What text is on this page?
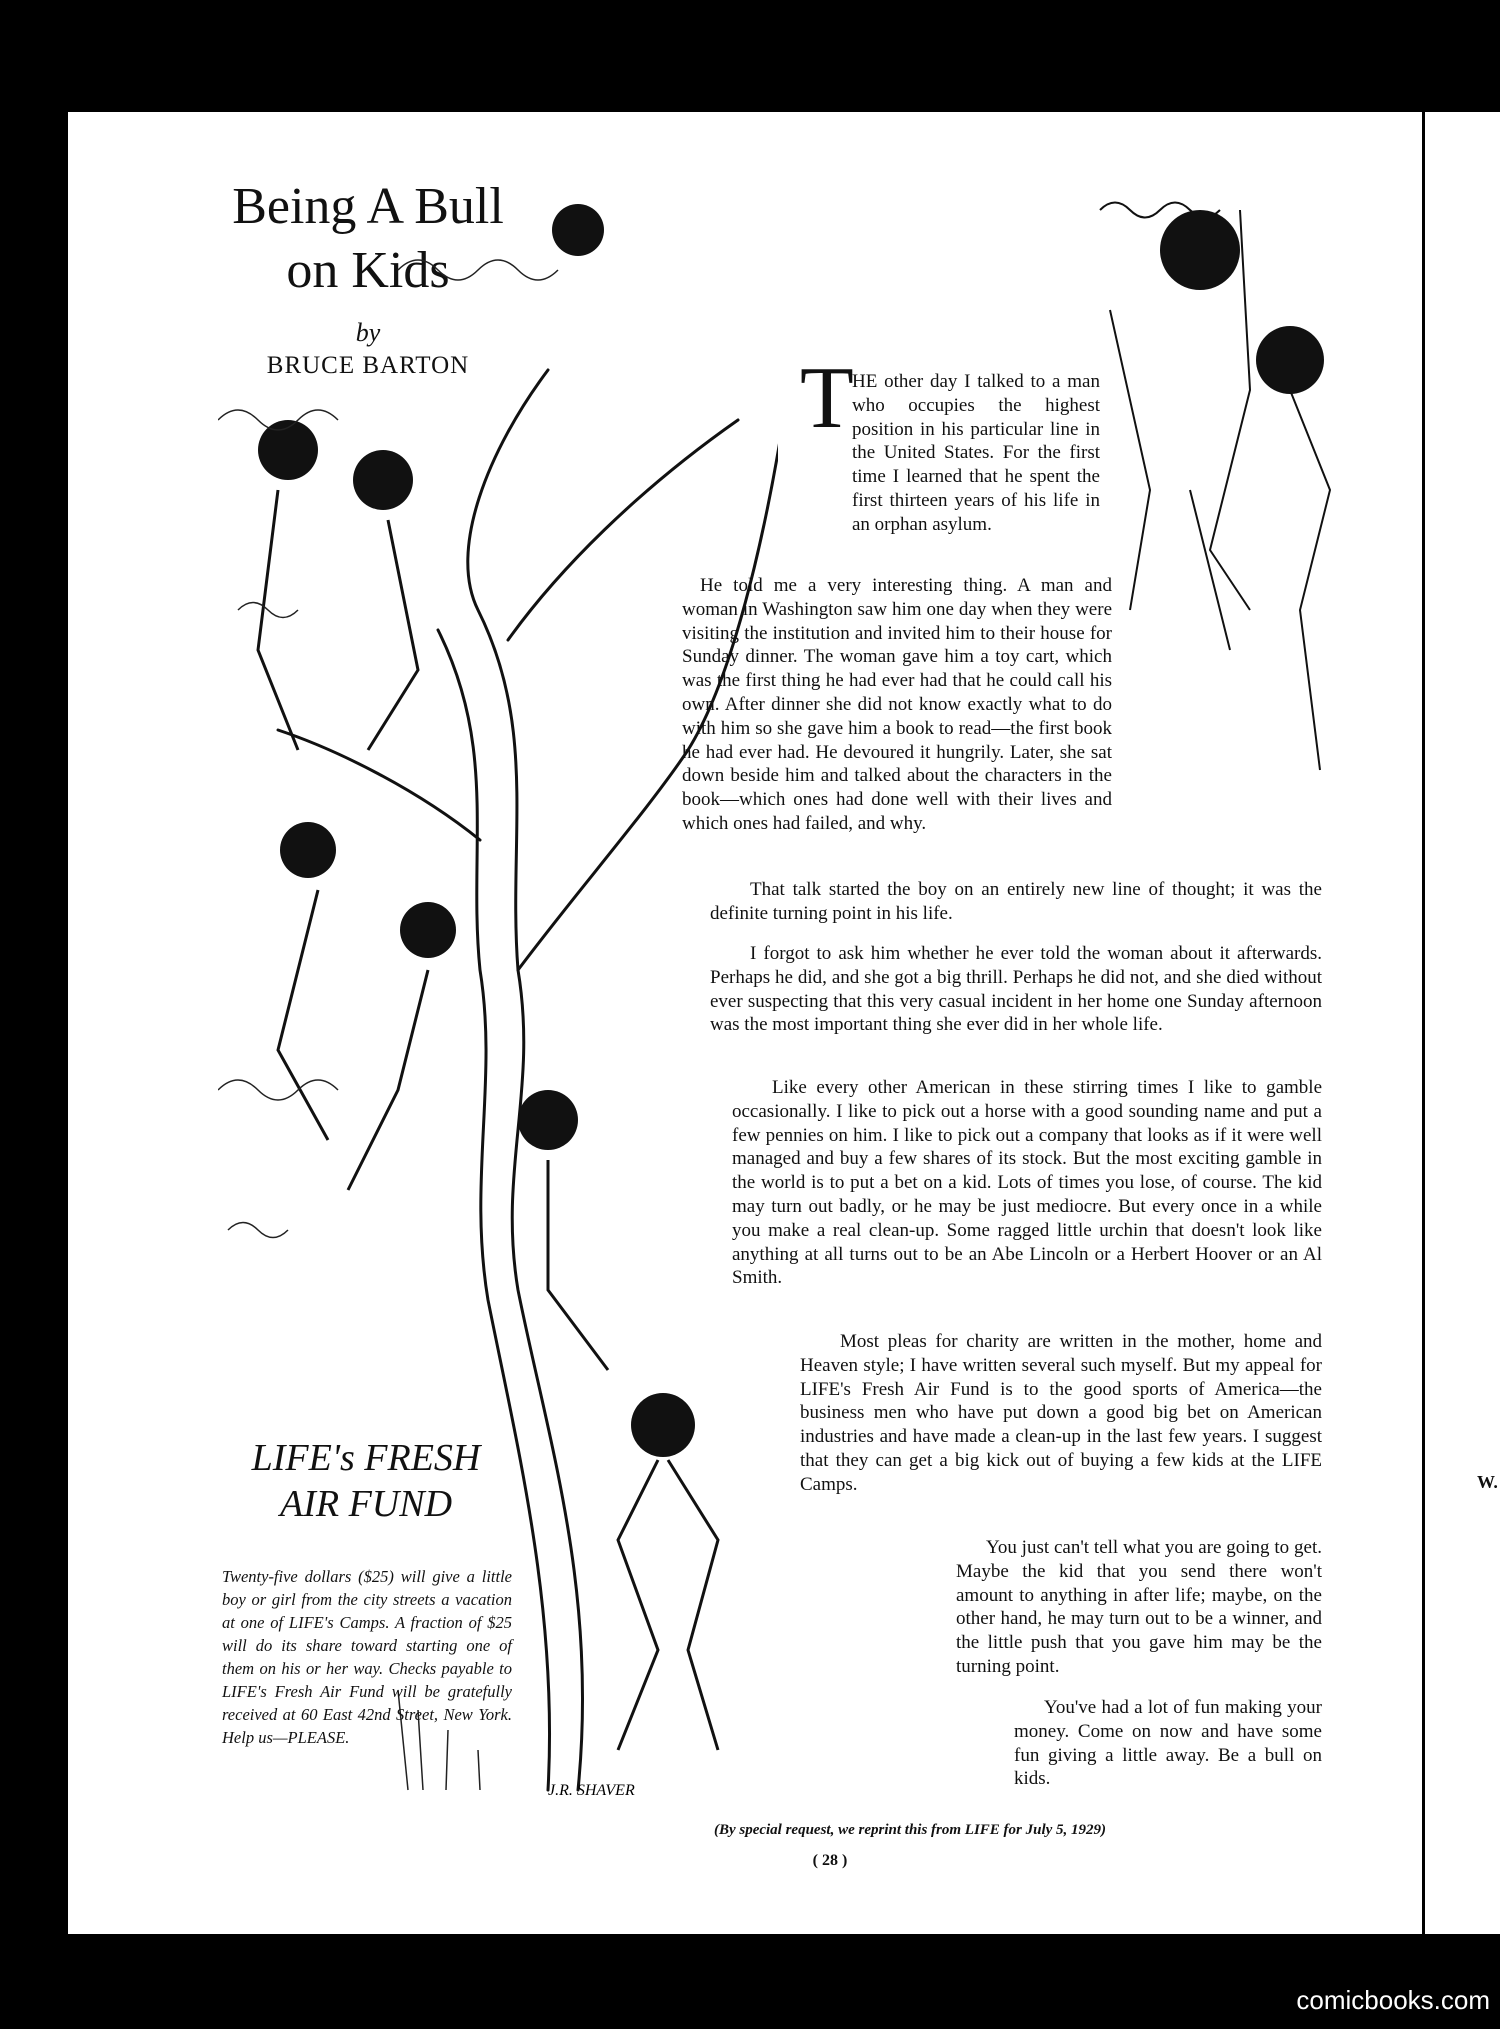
W.
Being A Bull
on Kids
by
BRUCE BARTON
J.R. SHAVER
T

HE other day I talked to a man who occupies the highest position in his particular line in the United States. For the first time I learned that he spent the first thirteen years of his life in an orphan asylum.

He told me a very interesting thing. A man and woman in Washington saw him one day when they were visiting the institution and invited him to their house for Sunday dinner. The woman gave him a toy cart, which was the first thing he had ever had that he could call his own. After dinner she did not know exactly what to do with him so she gave him a book to read—the first book he had ever had. He devoured it hungrily. Later, she sat down beside him and talked about the characters in the book—which ones had done well with their lives and which ones had failed, and why.

That talk started the boy on an entirely new line of thought; it was the definite turning point in his life.

I forgot to ask him whether he ever told the woman about it afterwards. Perhaps he did, and she got a big thrill. Perhaps he did not, and she died without ever suspecting that this very casual incident in her home one Sunday afternoon was the most important thing she ever did in her whole life.

Like every other American in these stirring times I like to gamble occasionally. I like to pick out a horse with a good sounding name and put a few pennies on him. I like to pick out a company that looks as if it were well managed and buy a few shares of its stock. But the most exciting gamble in the world is to put a bet on a kid. Lots of times you lose, of course. The kid may turn out badly, or he may be just mediocre. But every once in a while you make a real clean-up. Some ragged little urchin that doesn't look like anything at all turns out to be an Abe Lincoln or a Herbert Hoover or an Al Smith.

Most pleas for charity are written in the mother, home and Heaven style; I have written several such myself. But my appeal for LIFE's Fresh Air Fund is to the good sports of America—the business men who have put down a good big bet on American industries and have made a clean-up in the last few years. I suggest that they can get a big kick out of buying a few kids at the LIFE Camps.

You just can't tell what you are going to get. Maybe the kid that you send there won't amount to anything in after life; maybe, on the other hand, he may turn out to be a winner, and the little push that you gave him may be the turning point.

You've had a lot of fun making your money. Come on now and have some fun giving a little away. Be a bull on kids.

LIFE's FRESH
AIR FUND
Twenty-five dollars ($25) will give a little boy or girl from the city streets a vacation at one of LIFE's Camps. A fraction of $25 will do its share toward starting one of them on his or her way. Checks payable to LIFE's Fresh Air Fund will be gratefully received at 60 East 42nd Street, New York. Help us—PLEASE.
(By special request, we reprint this from LIFE for July 5, 1929)
( 28 )
comicbooks.com
